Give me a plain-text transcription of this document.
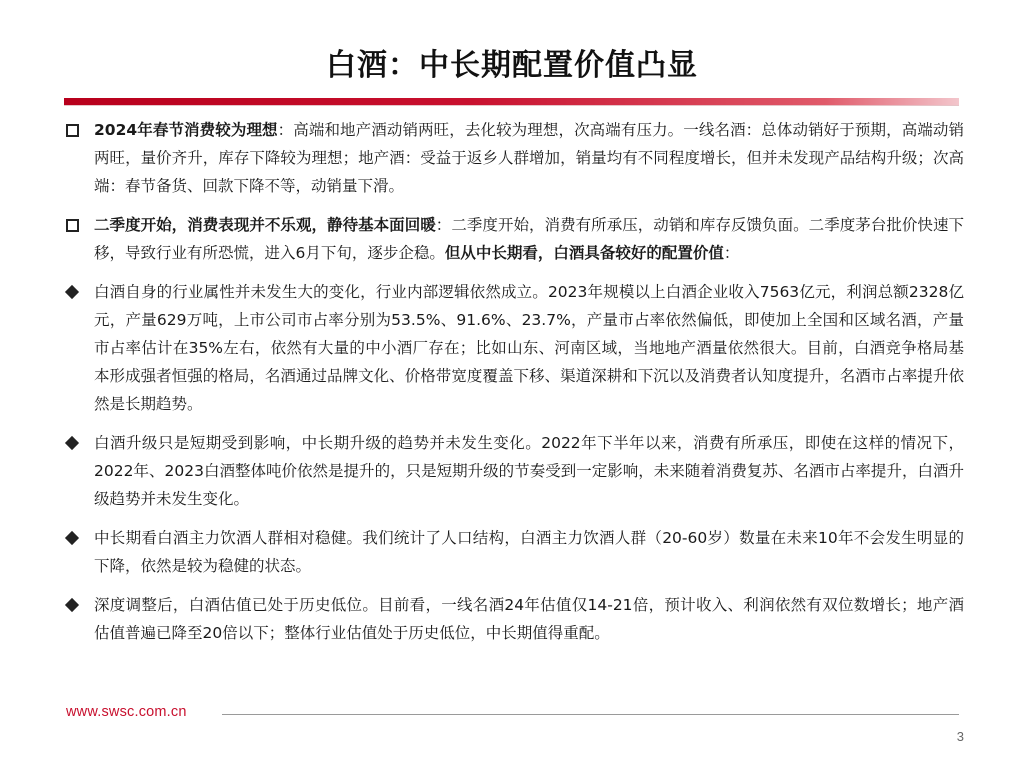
白酒：中长期配置价值凸显
2024年春节消费较为理想：高端和地产酒动销两旺，去化较为理想，次高端有压力。一线名酒：总体动销好于预期，高端动销两旺，量价齐升，库存下降较为理想；地产酒：受益于返乡人群增加，销量均有不同程度增长，但并未发现产品结构升级；次高端：春节备货、回款下降不等，动销量下滑。
二季度开始，消费表现并不乐观，静待基本面回暖：二季度开始，消费有所承压，动销和库存反馈负面。二季度茅台批价快速下移，导致行业有所恐慌，进入6月下旬，逐步企稳。但从中长期看，白酒具备较好的配置价值：
白酒自身的行业属性并未发生大的变化，行业内部逻辑依然成立。2023年规模以上白酒企业收入7563亿元，利润总额2328亿元，产量629万吨，上市公司市占率分别为53.5%、91.6%、23.7%，产量市占率依然偏低，即使加上全国和区域名酒，产量市占率估计在35%左右，依然有大量的中小酒厂存在；比如山东、河南区域，当地地产酒量依然很大。目前，白酒竞争格局基本形成强者恒强的格局，名酒通过品牌文化、价格带宽度覆盖下移、渠道深耕和下沉以及消费者认知度提升，名酒市占率提升依然是长期趋势。
白酒升级只是短期受到影响，中长期升级的趋势并未发生变化。2022年下半年以来，消费有所承压，即使在这样的情况下，2022年、2023白酒整体吨价依然是提升的，只是短期升级的节奏受到一定影响，未来随着消费复苏、名酒市占率提升，白酒升级趋势并未发生变化。
中长期看白酒主力饮酒人群相对稳健。我们统计了人口结构，白酒主力饮酒人群（20-60岁）数量在未来10年不会发生明显的下降，依然是较为稳健的状态。
深度调整后，白酒估值已处于历史低位。目前看，一线名酒24年估值仅14-21倍，预计收入、利润依然有双位数增长；地产酒估值普遍已降至20倍以下；整体行业估值处于历史低位，中长期值得重配。
www.swsc.com.cn
3
